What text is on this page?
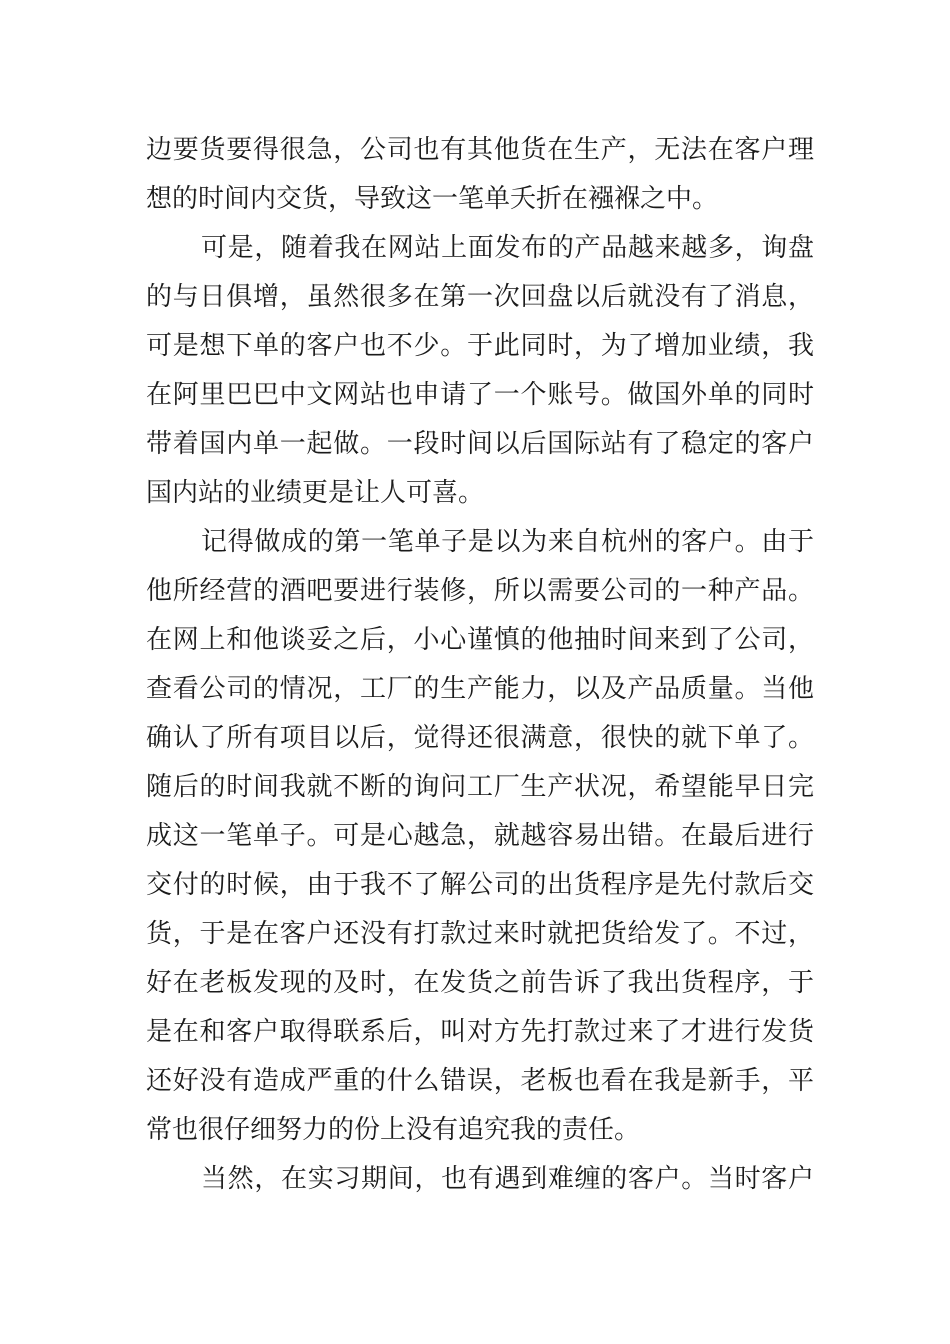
边要货要得很急，公司也有其他货在生产，无法在客户理
想的时间内交货，导致这一笔单夭折在襁褓之中。
可是，随着我在网站上面发布的产品越来越多，询盘
的与日俱增，虽然很多在第一次回盘以后就没有了消息，
可是想下单的客户也不少。于此同时，为了增加业绩，我
在阿里巴巴中文网站也申请了一个账号。做国外单的同时
带着国内单一起做。一段时间以后国际站有了稳定的客户
国内站的业绩更是让人可喜。
记得做成的第一笔单子是以为来自杭州的客户。由于
他所经营的酒吧要进行装修，所以需要公司的一种产品。
在网上和他谈妥之后，小心谨慎的他抽时间来到了公司，
查看公司的情况，工厂的生产能力，以及产品质量。当他
确认了所有项目以后，觉得还很满意，很快的就下单了。
随后的时间我就不断的询问工厂生产状况，希望能早日完
成这一笔单子。可是心越急，就越容易出错。在最后进行
交付的时候，由于我不了解公司的出货程序是先付款后交
货，于是在客户还没有打款过来时就把货给发了。不过，
好在老板发现的及时，在发货之前告诉了我出货程序，于
是在和客户取得联系后，叫对方先打款过来了才进行发货
还好没有造成严重的什么错误，老板也看在我是新手，平
常也很仔细努力的份上没有追究我的责任。
当然，在实习期间，也有遇到难缠的客户。当时客户
